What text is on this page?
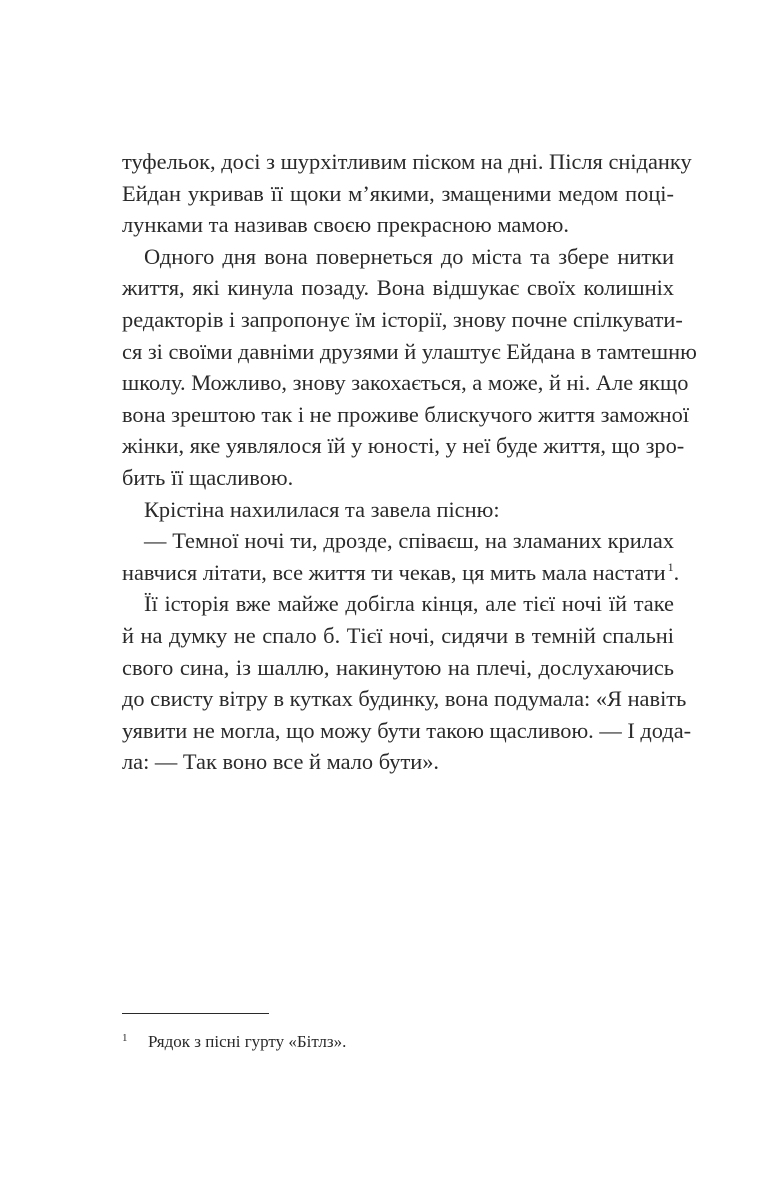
туфельок, досі з шурхітливим піском на дні. Після сніданку
Ейдан укривав її щоки м’якими, змащеними медом поці-
лунками та називав своєю прекрасною мамою.
Одного дня вона повернеться до міста та збере нитки
життя, які кинула позаду. Вона відшукає своїх колишніх
редакторів і запропонує їм історії, знову почне спілкувати-
ся зі своїми давніми друзями й улаштує Ейдана в тамтешню
школу. Можливо, знову закохається, а може, й ні. Але якщо
вона зрештою так і не проживе блискучого життя заможної
жінки, яке уявлялося їй у юності, у неї буде життя, що зро-
бить її щасливою.
Крістіна нахилилася та завела пісню:
— Темної ночі ти, дрозде, співаєш, на зламаних крилах
навчися літати, все життя ти чекав, ця мить мала настати $^1$.
Її історія вже майже добігла кінця, але тієї ночі їй таке
й на думку не спало б. Тієї ночі, сидячи в темній спальні
свого сина, із шаллю, накинутою на плечі, дослухаючись
до свисту вітру в кутках будинку, вона подумала: «Я навіть
уявити не могла, що можу бути такою щасливою. — І дода-
ла: — Так воно все й мало бути».
1 Рядок з пісні гурту «Бітлз».
